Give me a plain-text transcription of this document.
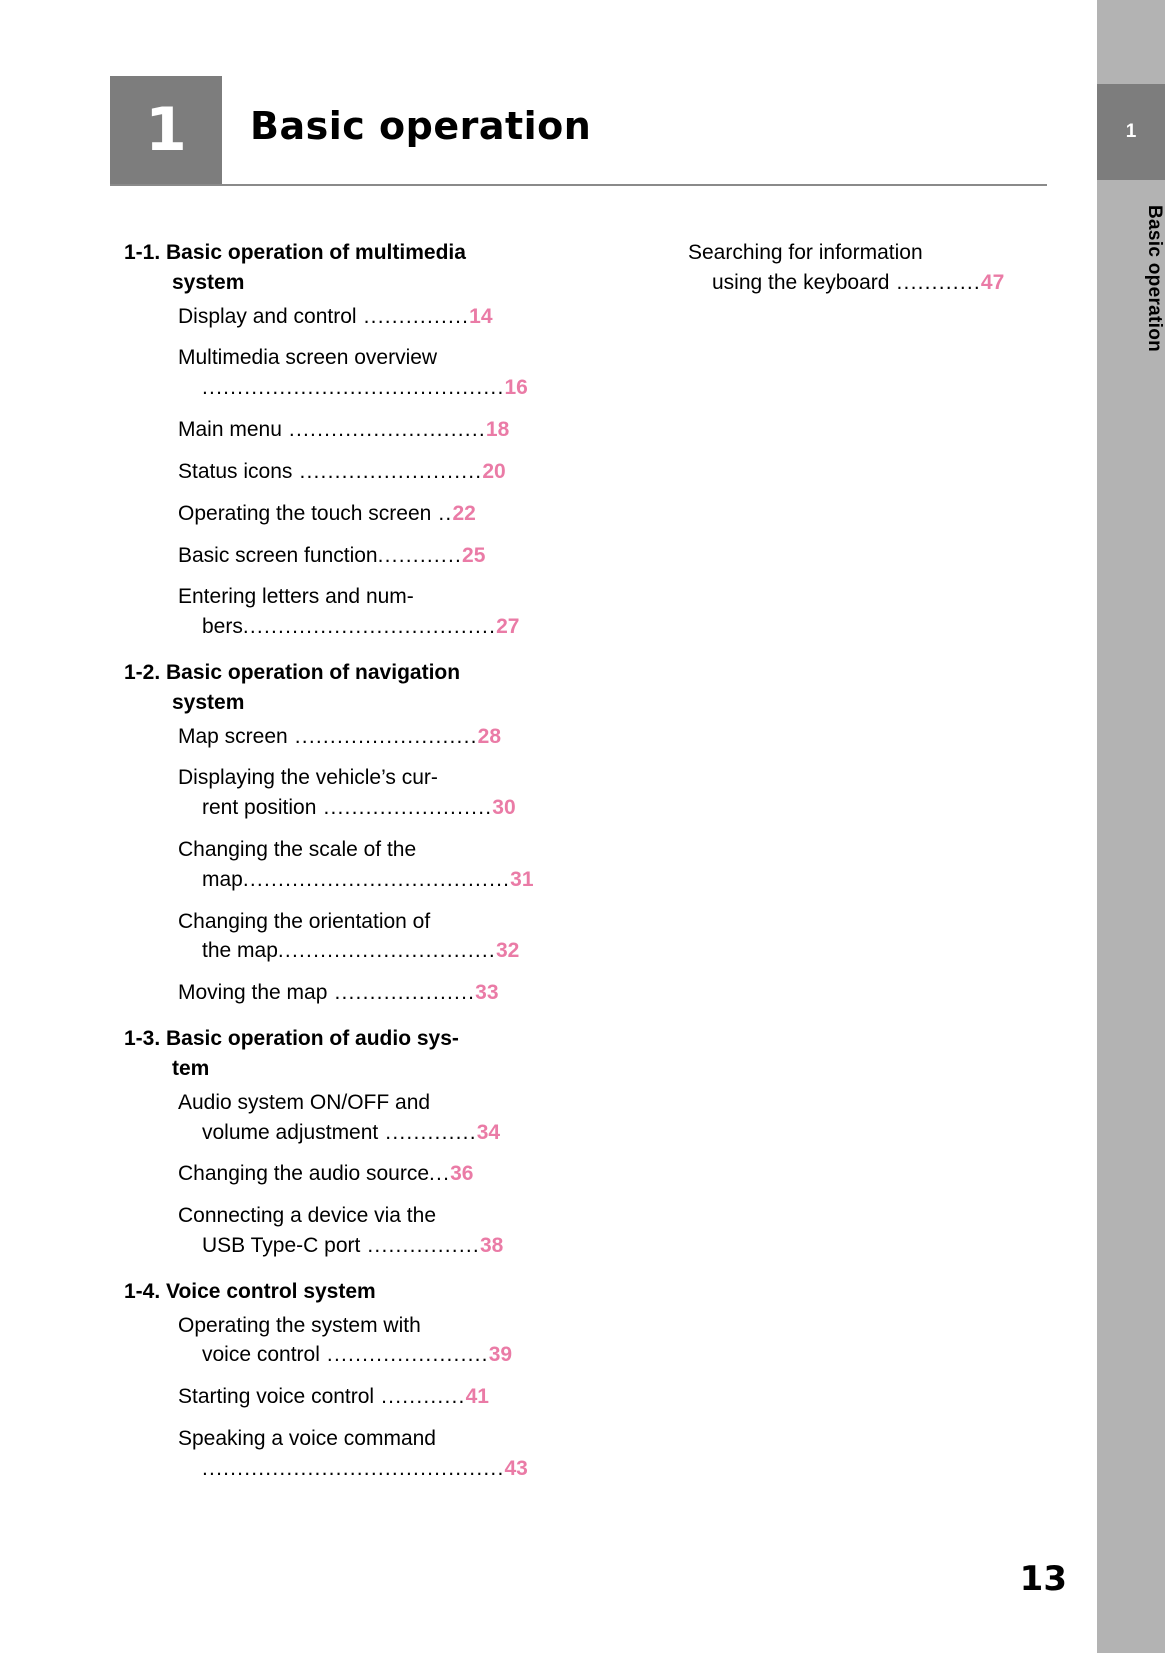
1
Basic operation
1 Basic operation
1-1. Basic operation of multimedia
system
Display and control ...............14
Multimedia screen overview
...........................................16
Main menu ............................18
Status icons ..........................20
Operating the touch screen ..22
Basic screen function............25
Entering letters and num-
bers....................................27
1-2. Basic operation of navigation
system
Map screen ..........................28
Displaying the vehicle’s cur-
rent position ........................30
Changing the scale of the
map......................................31
Changing the orientation of
the map...............................32
Moving the map ....................33
1-3. Basic operation of audio sys-
tem
Audio system ON/OFF and
volume adjustment .............34
Changing the audio source...36
Connecting a device via the
USB Type-C port ................38
1-4. Voice control system
Operating the system with
voice control .......................39
Starting voice control ............41
Speaking a voice command
...........................................43
Searching for information
using the keyboard ............47
13
